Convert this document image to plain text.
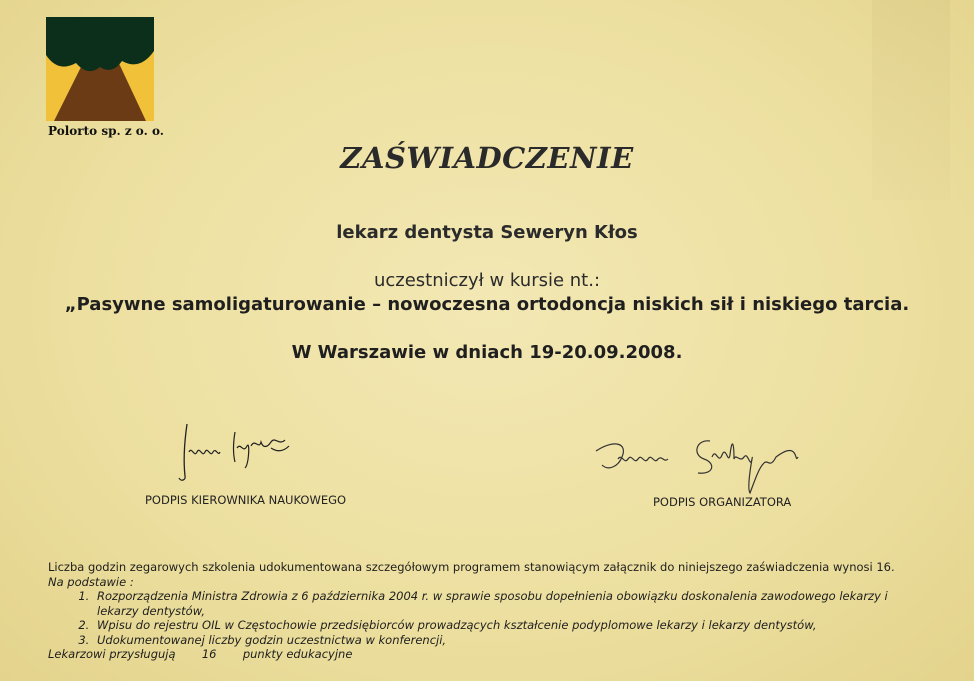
Polorto sp. z o. o.
ZAŚWIADCZENIE
lekarz dentysta Seweryn Kłos
uczestniczył w kursie nt.:
„Pasywne samoligaturowanie – nowoczesna ortodoncja niskich sił i niskiego tarcia.
W Warszawie w dniach 19-20.09.2008.
PODPIS KIEROWNIKA NAUKOWEGO	PODPIS ORGANIZATORA
Liczba godzin zegarowych szkolenia udokumentowana szczegółowym programem stanowiącym załącznik do niniejszego zaświadczenia wynosi 16.
Na podstawie :
1. Rozporządzenia Ministra Zdrowia z 6 października 2004 r. w sprawie sposobu dopełnienia obowiązku doskonalenia zawodowego lekarzy i lekarzy dentystów,
2. Wpisu do rejestru OIL w Częstochowie przedsiębiorców prowadzących kształcenie podyplomowe lekarzy i lekarzy dentystów,
3. Udokumentowanej liczby godzin uczestnictwa w konferencji,
Lekarzowi przysługują 16 punkty edukacyjne
